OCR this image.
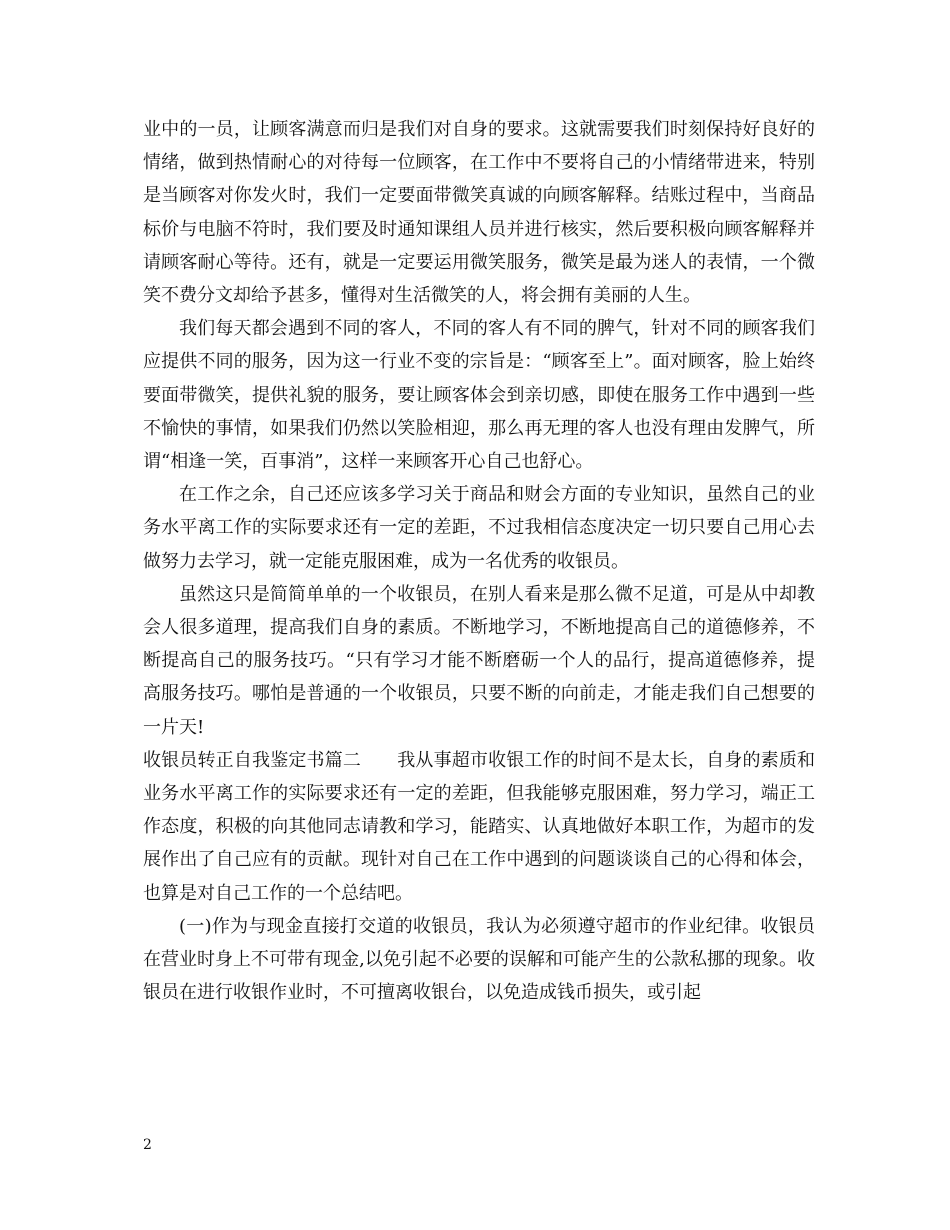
业中的一员，让顾客满意而归是我们对自身的要求。这就需要我们时刻保持好良好的情绪，做到热情耐心的对待每一位顾客，在工作中不要将自己的小情绪带进来，特别是当顾客对你发火时，我们一定要面带微笑真诚的向顾客解释。结账过程中，当商品标价与电脑不符时，我们要及时通知课组人员并进行核实，然后要积极向顾客解释并请顾客耐心等待。还有，就是一定要运用微笑服务，微笑是最为迷人的表情，一个微笑不费分文却给予甚多，懂得对生活微笑的人，将会拥有美丽的人生。

我们每天都会遇到不同的客人，不同的客人有不同的脾气，针对不同的顾客我们应提供不同的服务，因为这一行业不变的宗旨是：“顾客至上”。面对顾客，脸上始终要面带微笑，提供礼貌的服务，要让顾客体会到亲切感，即使在服务工作中遇到一些不愉快的事情，如果我们仍然以笑脸相迎，那么再无理的客人也没有理由发脾气，所谓“相逢一笑，百事消”，这样一来顾客开心自己也舒心。

在工作之余，自己还应该多学习关于商品和财会方面的专业知识，虽然自己的业务水平离工作的实际要求还有一定的差距，不过我相信态度决定一切只要自己用心去做努力去学习，就一定能克服困难，成为一名优秀的收银员。

虽然这只是简简单单的一个收银员，在别人看来是那么微不足道，可是从中却教会人很多道理，提高我们自身的素质。不断地学习，不断地提高自己的道德修养，不断提高自己的服务技巧。“只有学习才能不断磨砺一个人的品行，提高道德修养，提高服务技巧。哪怕是普通的一个收银员，只要不断的向前走，才能走我们自己想要的一片天!

收银员转正自我鉴定书篇二 我从事超市收银工作的时间不是太长，自身的素质和业务水平离工作的实际要求还有一定的差距，但我能够克服困难，努力学习，端正工作态度，积极的向其他同志请教和学习，能踏实、认真地做好本职工作，为超市的发展作出了自己应有的贡献。现针对自己在工作中遇到的问题谈谈自己的心得和体会，也算是对自己工作的一个总结吧。

(一)作为与现金直接打交道的收银员，我认为必须遵守超市的作业纪律。收银员在营业时身上不可带有现金,以免引起不必要的误解和可能产生的公款私挪的现象。收银员在进行收银作业时，不可擅离收银台，以免造成钱币损失，或引起

2
